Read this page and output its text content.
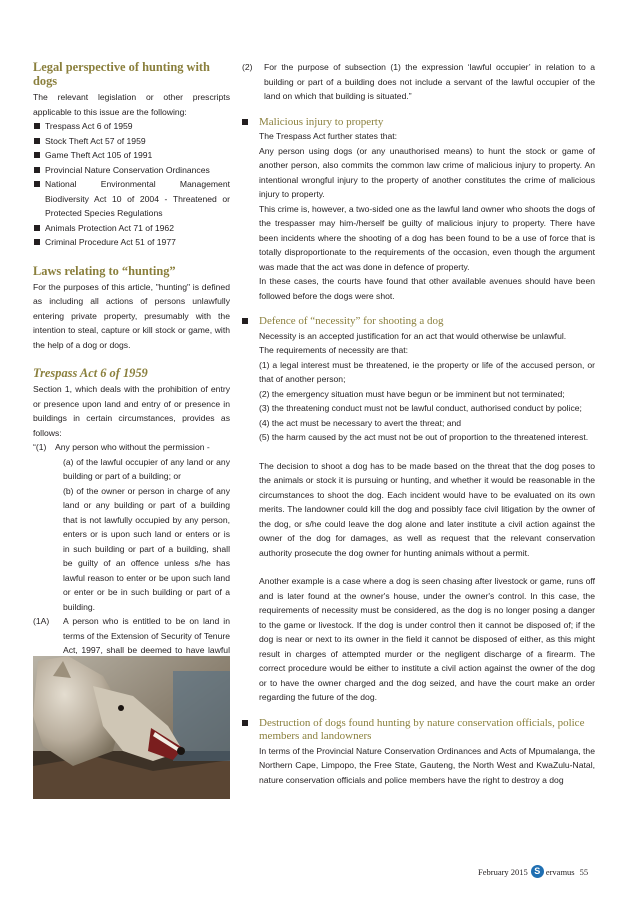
Legal perspective of hunting with dogs
The relevant legislation or other prescripts applicable to this issue are the following:
Trespass Act 6 of 1959
Stock Theft Act 57 of 1959
Game Theft Act 105 of 1991
Provincial Nature Conservation Ordinances
National Environmental Management Biodiversity Act 10 of 2004 - Threatened or Protected Species Regulations
Animals Protection Act 71 of 1962
Criminal Procedure Act 51 of 1977
Laws relating to “hunting”
For the purposes of this article, "hunting" is defined as including all actions of persons unlawfully entering private property, presumably with the intention to steal, capture or kill stock or game, with the help of a dog or dogs.
Trespass Act 6 of 1959
Section 1, which deals with the prohibition of entry or presence upon land and entry of or presence in buildings in certain circumstances, provides as follows:
“(1) Any person who without the permission -
(a) of the lawful occupier of any land or any building or part of a building; or
(b) of the owner or person in charge of any land or any building or part of a building that is not lawfully occupied by any person, enters or is upon such land or enters or is in such building or part of a building, shall be guilty of an offence unless s/he has lawful reason to enter or be upon such land or enter or be in such building or part of a building.
(1A) A person who is entitled to be on land in terms of the Extension of Security of Tenure Act, 1997, shall be deemed to have lawful
(2) For the purpose of subsection (1) the expression ‘lawful occupier’ in relation to a building or part of a building does not include a servant of the lawful occupier of the land on which that building is situated.”
Malicious injury to property
The Trespass Act further states that:
Any person using dogs (or any unauthorised means) to hunt the stock or game of another person, also commits the common law crime of malicious injury to property. An intentional wrongful injury to the property of another constitutes the crime of malicious injury to property.
This crime is, however, a two-sided one as the lawful land owner who shoots the dogs of the trespasser may him-/herself be guilty of malicious injury to property. There have been incidents where the shooting of a dog has been found to be a use of force that is totally disproportionate to the requirements of the occasion, even though the argument was made that the act was done in defence of property.
In these cases, the courts have found that other available avenues should have been followed before the dogs were shot.
Defence of “necessity” for shooting a dog
Necessity is an accepted justification for an act that would otherwise be unlawful.
The requirements of necessity are that:
(1) a legal interest must be threatened, ie the property or life of the accused person, or that of another person;
(2) the emergency situation must have begun or be imminent but not terminated;
(3) the threatening conduct must not be lawful conduct, authorised conduct by police;
(4) the act must be necessary to avert the threat; and
(5) the harm caused by the act must not be out of proportion to the threatened interest.
The decision to shoot a dog has to be made based on the threat that the dog poses to the animals or stock it is pursuing or hunting, and whether it would be reasonable in the circumstances to shoot the dog. Each incident would have to be evaluated on its own merits. The landowner could kill the dog and possibly face civil litigation by the owner of the dog, or s/he could leave the dog alone and later institute a civil action against the owner of the dog for damages, as well as request that the relevant conservation authority prosecute the dog owner for hunting animals without a permit.
Another example is a case where a dog is seen chasing after livestock or game, runs off and is later found at the owner's house, under the owner's control. In this case, the requirements of necessity must be considered, as the dog is no longer posing a danger to the game or livestock. If the dog is under control then it cannot be disposed of; if the dog is near or next to its owner in the field it cannot be disposed of either, as this might result in charges of attempted murder or the negligent discharge of a firearm. The correct procedure would be either to institute a civil action against the owner of the dog or to have the owner charged and the dog seized, and have the court make an order regarding the future of the dog.
Destruction of dogs found hunting by nature conservation officials, police members and landowners
In terms of the Provincial Nature Conservation Ordinances and Acts of Mpumalanga, the Northern Cape, Limpopo, the Free State, Gauteng, the North West and KwaZulu-Natal, nature conservation officials and police members have the right to destroy a dog
February 2015 S ervamus 55
